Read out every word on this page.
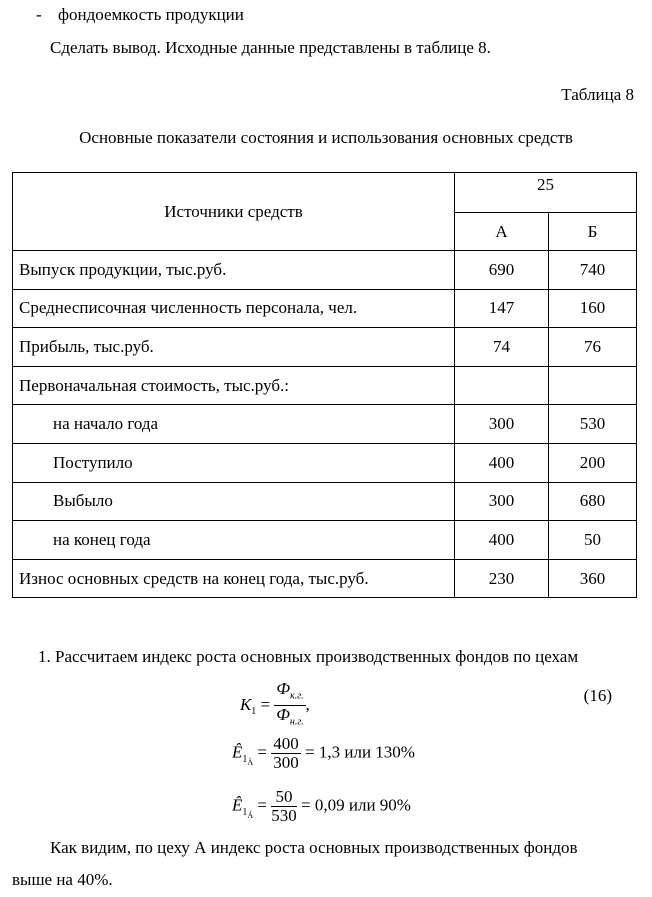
- фондоемкость продукции
Сделать вывод. Исходные данные представлены в таблице 8.
Таблица 8
Основные показатели состояния и использования основных средств
Источники средств	25	
	А	Б
Выпуск продукции, тыс.руб.	690	740
Среднесписочная численность персонала, чел.	147	160
Прибыль, тыс.руб.	74	76
Первоначальная стоимость, тыс.руб.:		
на начало года	300	530
Поступило	400	200
Выбыло	300	680
на конец года	400	50
Износ основных средств на конец года, тыс.руб.	230	360
1. Рассчитаем индекс роста основных производственных фондов по цехам
$К_1 = \frac{Ф_{к.г.}}{Ф_{н.г.}}$ ,	(16)
$Ê_{1_À} = \frac{400}{300} = 1,3$ или 130%
$Ê_{1_Á} = \frac{50}{530} = 0,09$ или 90%
Как видим, по цеху А индекс роста основных производственных фондов
выше на 40%.
